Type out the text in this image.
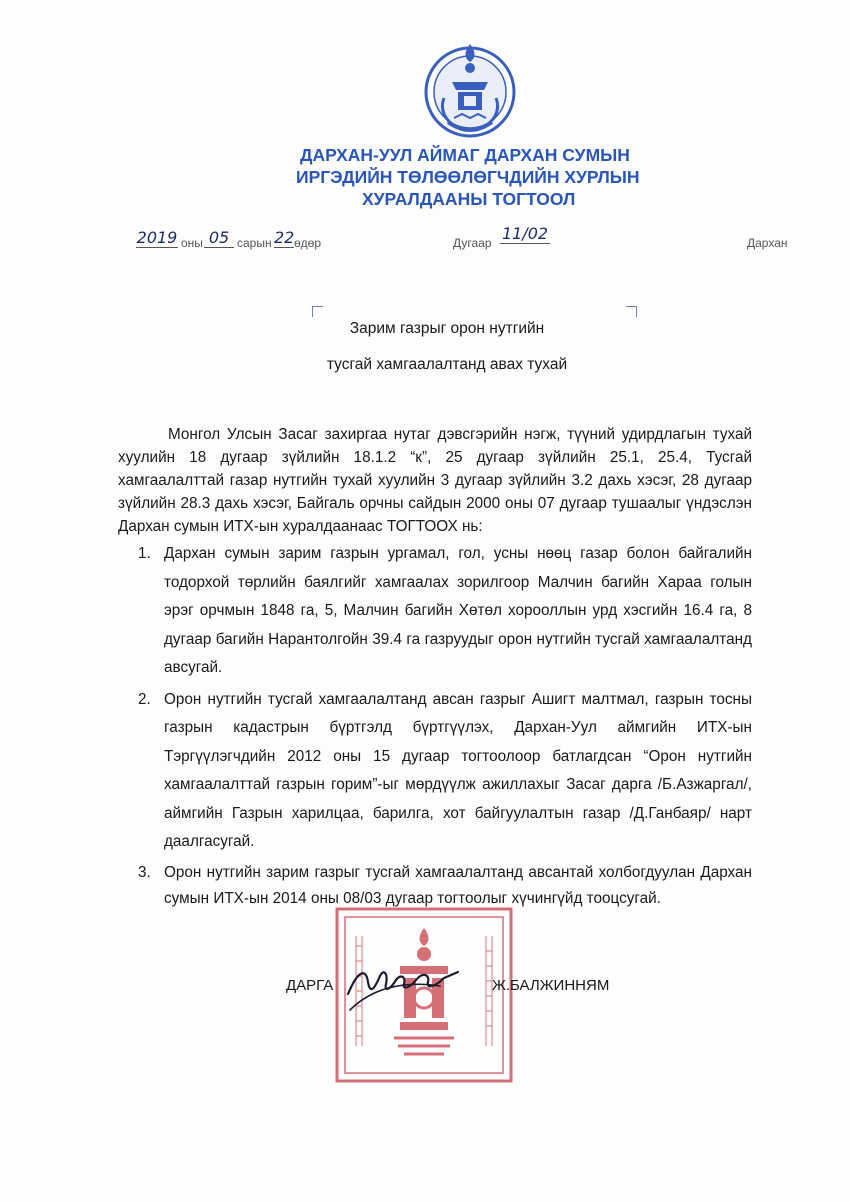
ДАРХАН-УУЛ АЙМАГ ДАРХАН СУМЫН
ИРГЭДИЙН ТӨЛӨӨЛӨГЧДИЙН ХУРЛЫН
ХУРАЛДААНЫ ТОГТООЛ
2019 оны 05 сарын 22 өдөр	Дугаар 11/02	Дархан
Зарим газрыг орон нутгийн
тусгай хамгаалалтанд авах тухай

Монгол Улсын Засаг захиргаа нутаг дэвсгэрийн нэгж, түүний удирдлагын тухай хуулийн 18 дугаар зүйлийн 18.1.2 “к”, 25 дугаар зүйлийн 25.1, 25.4, Тусгай хамгаалалттай газар нутгийн тухай хуулийн 3 дугаар зүйлийн 3.2 дахь хэсэг, 28 дугаар зүйлийн 28.3 дахь хэсэг, Байгаль орчны сайдын 2000 оны 07 дугаар тушаалыг үндэслэн Дархан сумын ИТХ-ын хуралдаанаас ТОГТООХ нь:

1. Дархан сумын зарим газрын ургамал, гол, усны нөөц газар болон байгалийн тодорхой төрлийн баялгийг хамгаалах зорилгоор Малчин багийн Хараа голын эрэг орчмын 1848 га, 5, Малчин багийн Хөтөл хорооллын урд хэсгийн 16.4 га, 8 дугаар багийн Нарантолгойн 39.4 га газруудыг орон нутгийн тусгай хамгаалалтанд авсугай.
2. Орон нутгийн тусгай хамгаалалтанд авсан газрыг Ашигт малтмал, газрын тосны газрын кадастрын бүртгэлд бүртгүүлэх, Дархан-Уул аймгийн ИТХ-ын Тэргүүлэгчдийн 2012 оны 15 дугаар тогтоолоор батлагдсан “Орон нутгийн хамгаалалттай газрын горим”-ыг мөрдүүлж ажиллахыг Засаг дарга /Б.Азжаргал/, аймгийн Газрын харилцаа, барилга, хот байгуулалтын газар /Д.Ганбаяр/ нарт даалгасугай.
3. Орон нутгийн зарим газрыг тусгай хамгаалалтанд авсантай холбогдуулан Дархан сумын ИТХ-ын 2014 оны 08/03 дугаар тогтоолыг хүчингүйд тооцсугай.
ДАРГА	Ж.БАЛЖИННЯМ
